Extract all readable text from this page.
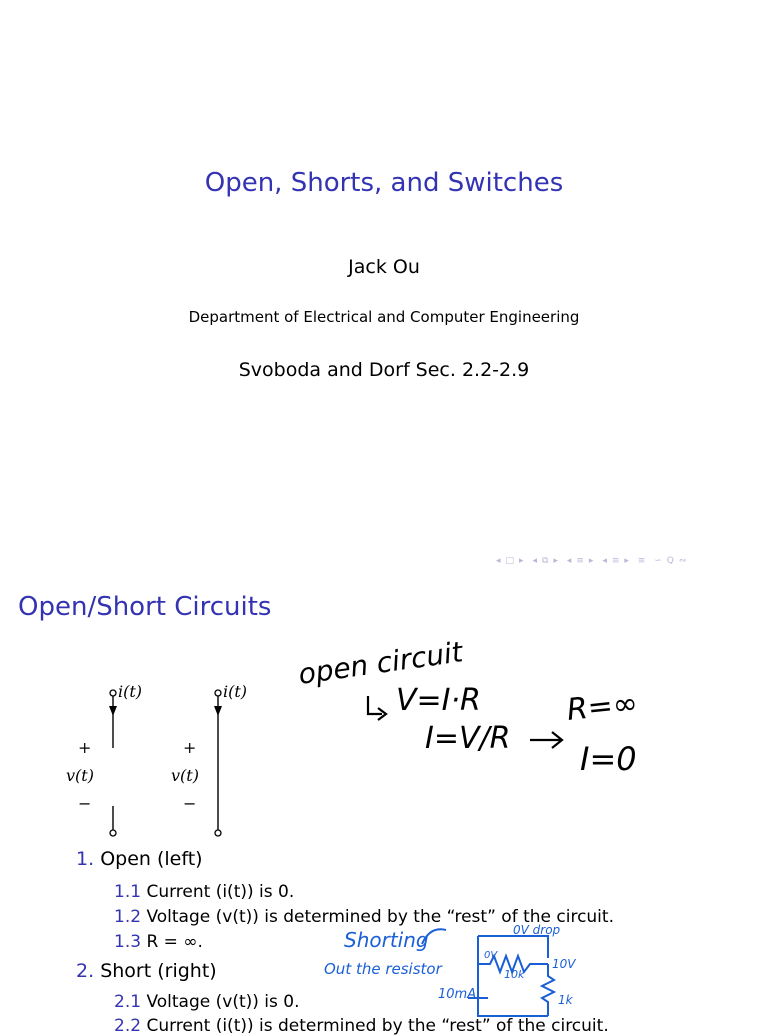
Open, Shorts, and Switches
Jack Ou
Department of Electrical and Computer Engineering
Svoboda and Dorf Sec. 2.2-2.9
◂ □ ▸ ◂ ⧉ ▸ ◂ ≡ ▸ ◂ ≡ ▸ ≡ ∽ Q ∾
Open/Short Circuits
i(t)
+
v(t)
−
i(t)
+
v(t)
−
open circuit
V=I·R
I=V/R
R=∞
I=0
1. Open (left)
1.1 Current (i(t)) is 0.
1.2 Voltage (v(t)) is determined by the “rest” of the circuit.
1.3 R = ∞.
2. Short (right)
2.1 Voltage (v(t)) is 0.
2.2 Current (i(t)) is determined by the “rest” of the circuit.
Shorting
Out the resistor
0V drop
10k
10V
10mA	1k
0V
